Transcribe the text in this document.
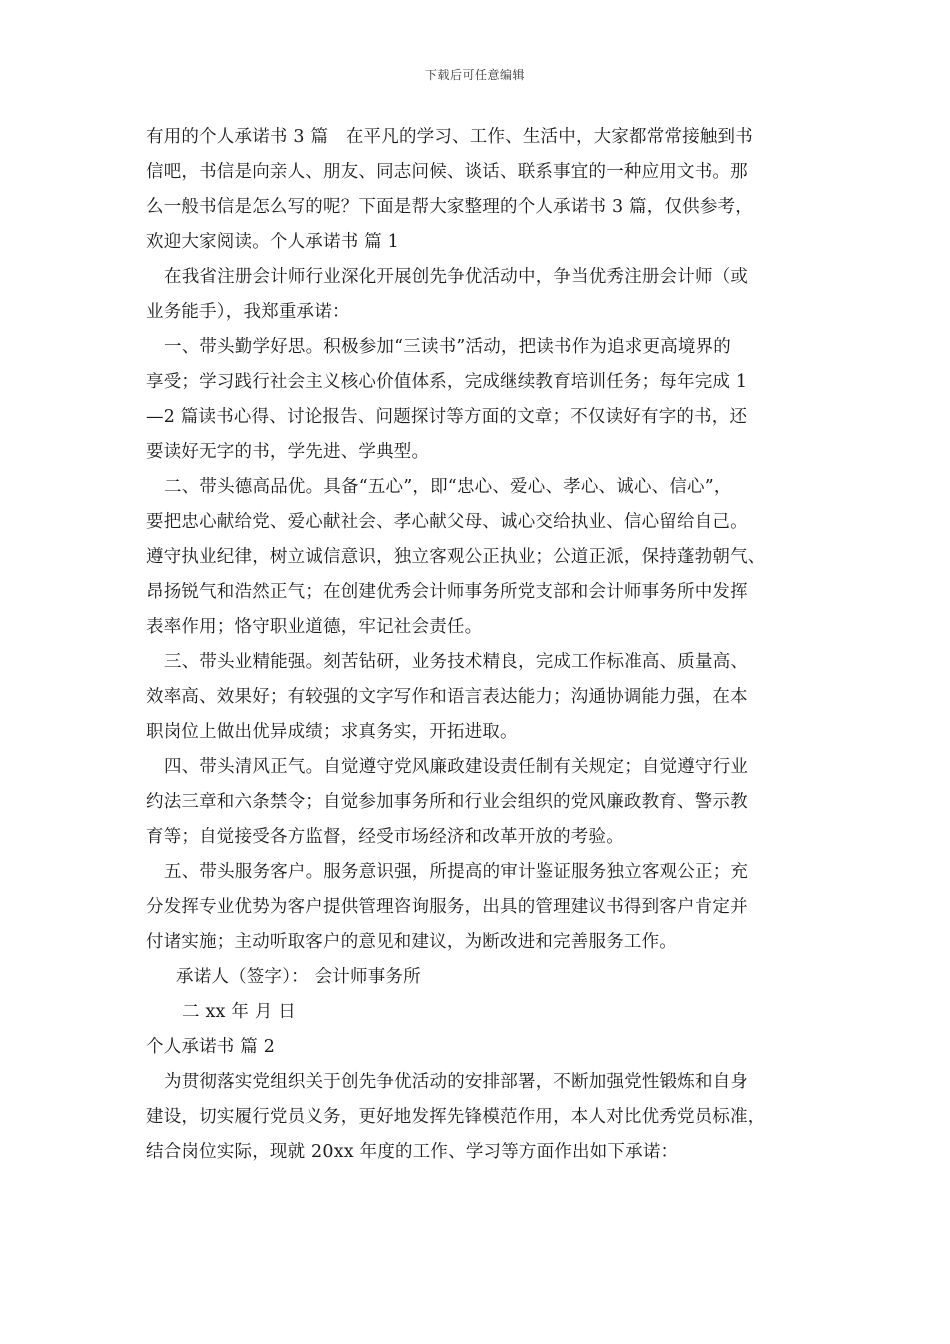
下载后可任意编辑
有用的个人承诺书 3 篇　在平凡的学习、工作、生活中，大家都常常接触到书
信吧，书信是向亲人、朋友、同志问候、谈话、联系事宜的一种应用文书。那
么一般书信是怎么写的呢？下面是帮大家整理的个人承诺书 3 篇，仅供参考，
欢迎大家阅读。个人承诺书 篇 1
在我省注册会计师行业深化开展创先争优活动中，争当优秀注册会计师（或
业务能手），我郑重承诺：
一、带头勤学好思。积极参加“三读书”活动，把读书作为追求更高境界的
享受；学习践行社会主义核心价值体系，完成继续教育培训任务；每年完成 1
—2 篇读书心得、讨论报告、问题探讨等方面的文章；不仅读好有字的书，还
要读好无字的书，学先进、学典型。
二、带头德高品优。具备“五心”，即“忠心、爱心、孝心、诚心、信心”，
要把忠心献给党、爱心献社会、孝心献父母、诚心交给执业、信心留给自己。
遵守执业纪律，树立诚信意识，独立客观公正执业；公道正派，保持蓬勃朝气、
昂扬锐气和浩然正气；在创建优秀会计师事务所党支部和会计师事务所中发挥
表率作用；恪守职业道德，牢记社会责任。
三、带头业精能强。刻苦钻研，业务技术精良，完成工作标准高、质量高、
效率高、效果好；有较强的文字写作和语言表达能力；沟通协调能力强，在本
职岗位上做出优异成绩；求真务实，开拓进取。
四、带头清风正气。自觉遵守党风廉政建设责任制有关规定；自觉遵守行业
约法三章和六条禁令；自觉参加事务所和行业会组织的党风廉政教育、警示教
育等；自觉接受各方监督，经受市场经济和改革开放的考验。
五、带头服务客户。服务意识强，所提高的审计鉴证服务独立客观公正；充
分发挥专业优势为客户提供管理咨询服务，出具的管理建议书得到客户肯定并
付诸实施；主动听取客户的意见和建议，为断改进和完善服务工作。
承诺人（签字）： 会计师事务所
二 xx 年 月 日
个人承诺书 篇 2
为贯彻落实党组织关于创先争优活动的安排部署，不断加强党性锻炼和自身
建设，切实履行党员义务，更好地发挥先锋模范作用，本人对比优秀党员标准，
结合岗位实际，现就 20xx 年度的工作、学习等方面作出如下承诺：
